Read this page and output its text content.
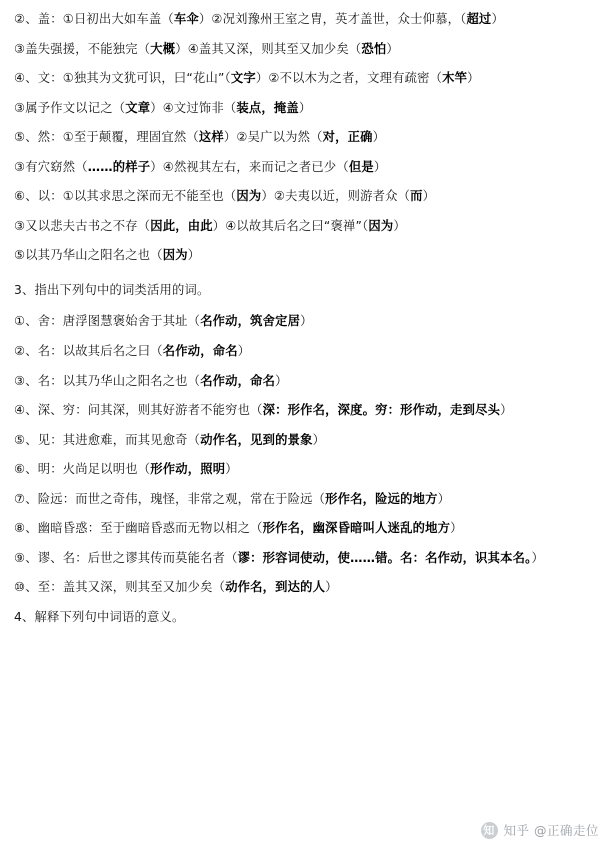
②、盖：①日初出大如车盖（车伞）②况刘豫州王室之胄，英才盖世，众士仰慕，（超过）
③盖失强援，不能独完（大概）④盖其又深，则其至又加少矣（恐怕）
④、文：①独其为文犹可识，曰“花山”（文字）②不以木为之者，文理有疏密（木竿）
③属予作文以记之（文章）④文过饰非（装点，掩盖）
⑤、然：①至于颠覆，理固宜然（这样）②吴广以为然（对，正确）
③有穴窈然（……的样子）④然视其左右，来而记之者已少（但是）
⑥、以：①以其求思之深而无不能至也（因为）②夫夷以近，则游者众（而）
③又以悲夫古书之不存（因此，由此）④以故其后名之曰“褒禅”（因为）
⑤以其乃华山之阳名之也（因为）
3、指出下列句中的词类活用的词。
①、舍：唐浮图慧褒始舍于其址（名作动，筑舍定居）
②、名：以故其后名之曰（名作动，命名）
③、名：以其乃华山之阳名之也（名作动，命名）
④、深、穷：问其深，则其好游者不能穷也（深：形作名，深度。穷：形作动，走到尽头）
⑤、见：其进愈难，而其见愈奇（动作名，见到的景象）
⑥、明：火尚足以明也（形作动，照明）
⑦、险远：而世之奇伟，瑰怪，非常之观，常在于险远（形作名，险远的地方）
⑧、幽暗昏惑：至于幽暗昏惑而无物以相之（形作名，幽深昏暗叫人迷乱的地方）
⑨、谬、名：后世之谬其传而莫能名者（谬：形容词使动，使……错。名：名作动，识其本名。）
⑩、至：盖其又深，则其至又加少矣（动作名，到达的人）
4、解释下列句中词语的意义。
知 知乎 @正确走位
